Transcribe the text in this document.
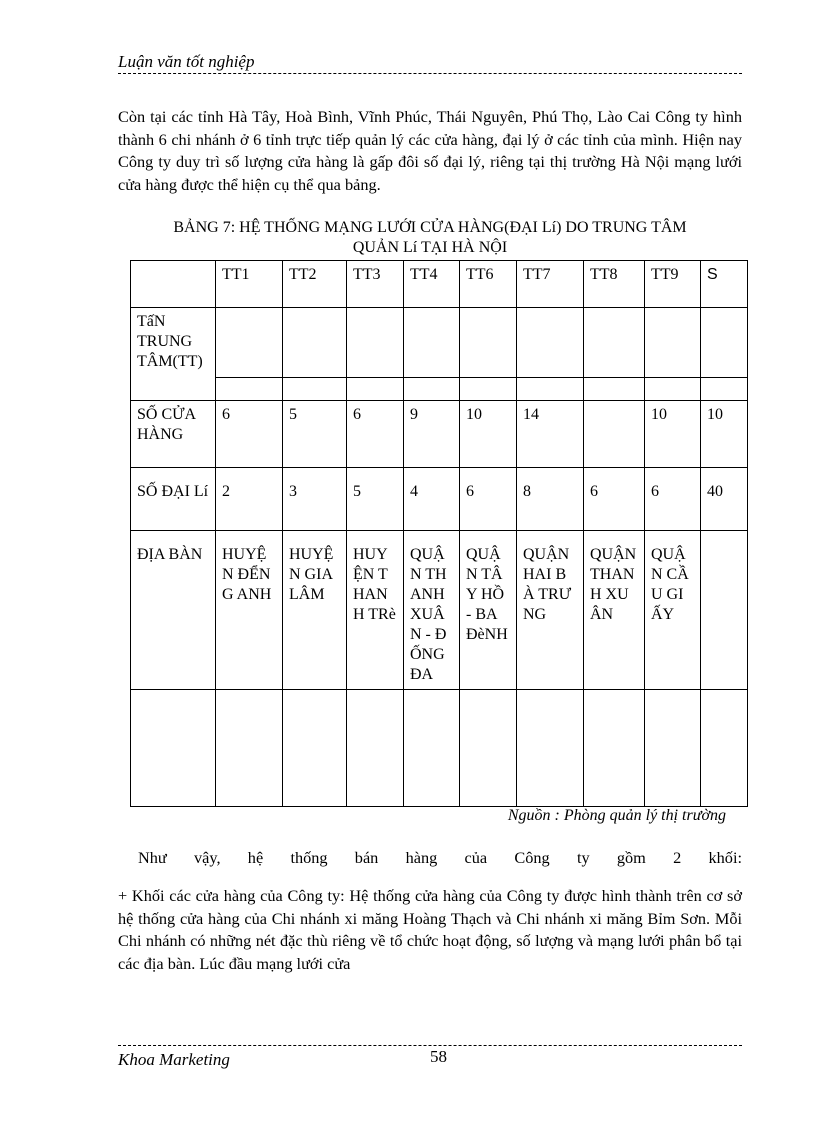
Luận văn tốt nghiệp

Còn tại các tỉnh Hà Tây, Hoà Bình, Vĩnh Phúc, Thái Nguyên, Phú Thọ, Lào Cai Công ty hình thành 6 chi nhánh ở 6 tỉnh trực tiếp quản lý các cửa hàng, đại lý ở các tỉnh của mình. Hiện nay Công ty duy trì số lượng cửa hàng là gấp đôi số đại lý, riêng tại thị trường Hà Nội mạng lưới cửa hàng được thể hiện cụ thể qua bảng.

BẢNG 7: HỆ THỐNG MẠNG LƯỚI CỬA HÀNG(ĐẠI Lí) DO TRUNG TÂM
QUẢN Lí TẠI HÀ NỘI
	TT1	TT2	TT3	TT4	TT6	TT7	TT8	TT9	S
TấN TRUNG TÂM(TT)									

SỐ CỬA HÀNG	6	5	6	9	10	14		10	10
SỐ ĐẠI Lí	2	3	5	4	6	8	6	6	40
ĐỊA BÀN	HUYỆN ĐỂNG ANH	HUYỆN GIA LÂM	HUYỆN THANH TRè	QUẬN THANH XUÂN - ĐỐNG ĐA	QUẬN TÂY HỒ - BA ĐèNH	QUẬN HAI BÀ TRƯNG	QUẬN THANH XUÂN	QUẬN CẦU GIẤY	

Nguồn : Phòng quản lý thị trường

Như vậy, hệ thống bán hàng của Công ty gồm 2 khối:

+ Khối các cửa hàng của Công ty: Hệ thống cửa hàng của Công ty được hình thành trên cơ sở hệ thống cửa hàng của Chi nhánh xi măng Hoàng Thạch và Chi nhánh xi măng Bỉm Sơn. Mỗi Chi nhánh có những nét đặc thù riêng về tổ chức hoạt động, số lượng và mạng lưới phân bổ tại các địa bàn. Lúc đầu mạng lưới cửa

Khoa Marketing	58
